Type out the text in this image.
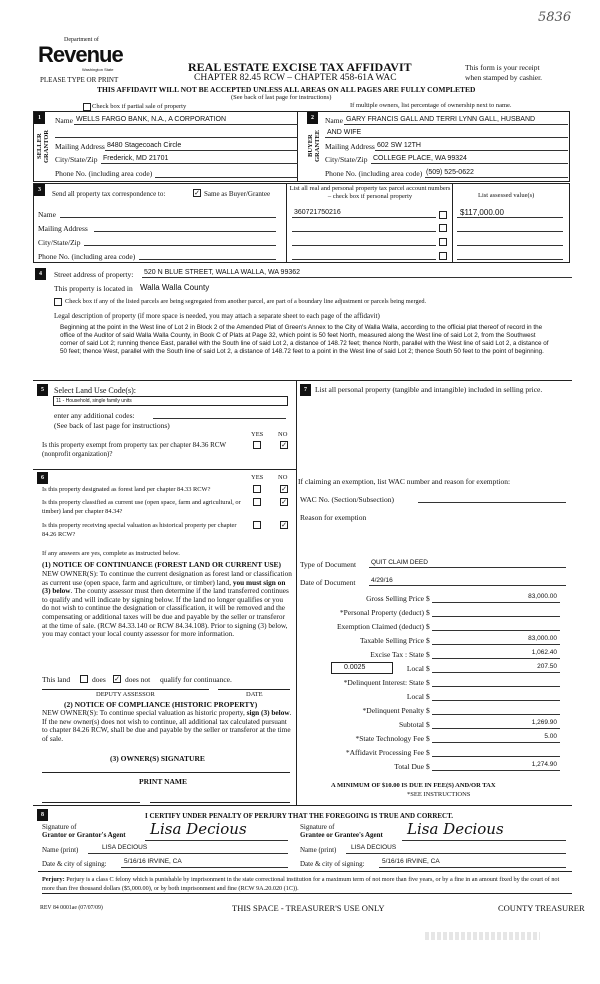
5836
Department of
Revenue
Washington State
PLEASE TYPE OR PRINT
REAL ESTATE EXCISE TAX AFFIDAVIT
CHAPTER 82.45 RCW – CHAPTER 458-61A WAC
THIS AFFIDAVIT WILL NOT BE ACCEPTED UNLESS ALL AREAS ON ALL PAGES ARE FULLY COMPLETED
(See back of last page for instructions)
This form is your receipt
when stamped by cashier.
Check box if partial sale of property	If multiple owners, list percentage of ownership next to name.
1
SELLER GRANTOR
Name WELLS FARGO BANK, N.A., A CORPORATION
Mailing Address 8480 Stagecoach Circle
City/State/Zip Frederick, MD 21701
Phone No. (including area code)
2
BUYER GRANTEE
Name GARY FRANCIS GALL AND TERRI LYNN GALL, HUSBAND
AND WIFE
Mailing Address 602 SW 12TH
City/State/Zip COLLEGE PLACE, WA 99324
Phone No. (including area code) (509) 525-0622
3	Send all property tax correspondence to:	✓ Same as Buyer/Grantee
Name
Mailing Address
City/State/Zip
Phone No. (including area code)
List all real and personal property tax parcel account numbers – check box if personal property	List assessed value(s)
360721750216	$117,000.00
4	Street address of property: 520 N BLUE STREET, WALLA WALLA, WA 99362
This property is located in Walla Walla County
Check box if any of the listed parcels are being segregated from another parcel, are part of a boundary line adjustment or parcels being merged.
Legal description of property (if more space is needed, you may attach a separate sheet to each page of the affidavit)
Beginning at the point in the West line of Lot 2 in Block 2 of the Amended Plat of Green's Annex to the City of Walla Walla, according to the official plat thereof of record in the office of the Auditor of said Walla Walla County, in Book C of Plats at Page 32, which point is 50 feet North, measured along the West line of said Lot 2, from the Southwest corner of said Lot 2; running thence East, parallel with the South line of said Lot 2, a distance of 148.72 feet; thence North, parallel with the West line of said Lot 2, a distance of 50 feet; thence West, parallel with the South line of said Lot 2, a distance of 148.72 feet to a point in the West line of said Lot 2; thence South 50 feet to the point of beginning.
5	Select Land Use Code(s):
11 - Household, single family units
enter any additional codes:
(See back of last page for instructions)
YES NO
Is this property exempt from property tax per chapter 84.36 RCW (nonprofit organization)?
✓
6	YES NO
Is this property designated as forest land per chapter 84.33 RCW?	✓
Is this property classified as current use (open space, farm and agricultural, or timber) land per chapter 84.34?
✓
Is this property receiving special valuation as historical property per chapter 84.26 RCW?
✓
If any answers are yes, complete as instructed below.
(1) NOTICE OF CONTINUANCE (FOREST LAND OR CURRENT USE)
NEW OWNER(S): To continue the current designation as forest land or classification as current use (open space, farm and agriculture, or timber) land, you must sign on (3) below. The county assessor must then determine if the land transferred continues to qualify and will indicate by signing below. If the land no longer qualifies or you do not wish to continue the designation or classification, it will be removed and the compensating or additional taxes will be due and payable by the seller or transferor at the time of sale. (RCW 84.33.140 or RCW 84.34.108). Prior to signing (3) below, you may contact your local county assessor for more information.
This land	does ✓ does not qualify for continuance.
DEPUTY ASSESSOR	DATE
(2) NOTICE OF COMPLIANCE (HISTORIC PROPERTY)
NEW OWNER(S): To continue special valuation as historic property, sign (3) below. If the new owner(s) does not wish to continue, all additional tax calculated pursuant to chapter 84.26 RCW, shall be due and payable by the seller or transferor at the time of sale.
(3) OWNER(S) SIGNATURE
PRINT NAME
7	List all personal property (tangible and intangible) included in selling price.
If claiming an exemption, list WAC number and reason for exemption:
WAC No. (Section/Subsection)
Reason for exemption
Type of Document QUIT CLAIM DEED
Date of Document 4/29/16
0.0025
Gross Selling Price $	83,000.00
*Personal Property (deduct) $
Exemption Claimed (deduct) $
Taxable Selling Price $	83,000.00
Excise Tax : State $	1,062.40
Local $	207.50
*Delinquent Interest: State $
Local $
*Delinquent Penalty $
Subtotal $	1,269.90
*State Technology Fee $	5.00
*Affidavit Processing Fee $
Total Due $	1,274.90
A MINIMUM OF $10.00 IS DUE IN FEE(S) AND/OR TAX
*SEE INSTRUCTIONS
8	I CERTIFY UNDER PENALTY OF PERJURY THAT THE FOREGOING IS TRUE AND CORRECT.
Signature of
Grantor or Grantor's Agent Lisa Decious
Name (print)	LISA DECIOUS
Date & city of signing:	5/16/16 IRVINE, CA
Signature of
Grantee or Grantee's Agent Lisa Decious
Name (print) LISA DECIOUS
Date & city of signing:	5/16/16 IRVINE, CA
Perjury: Perjury is a class C felony which is punishable by imprisonment in the state correctional institution for a maximum term of not more than five years, or by a fine in an amount fixed by the court of not more than five thousand dollars ($5,000.00), or by both imprisonment and fine (RCW 9A.20.020 (1C)).
REV 84 0001ae (07/07/09)	THIS SPACE - TREASURER'S USE ONLY	COUNTY TREASURER
